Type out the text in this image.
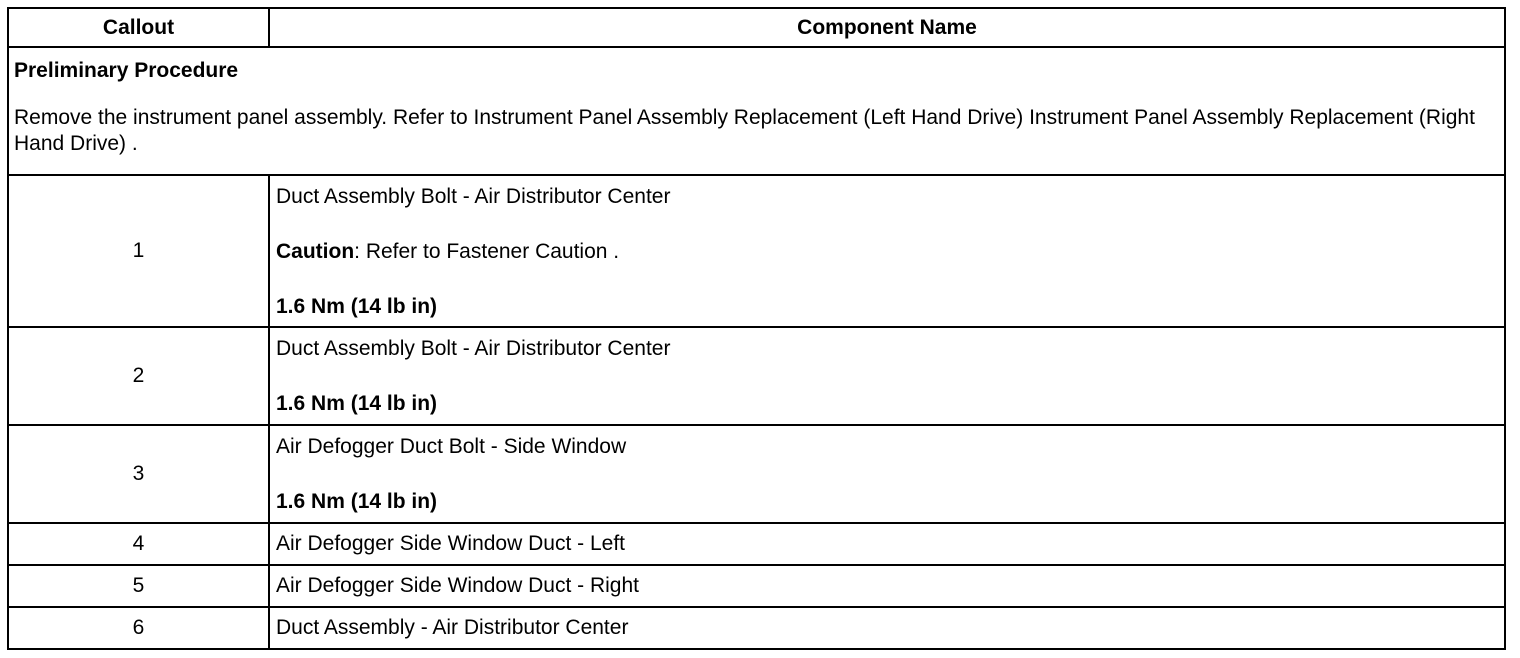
Callout	Component Name

Preliminary Procedure

Remove the instrument panel assembly. Refer to Instrument Panel Assembly Replacement (Left Hand Drive) Instrument Panel Assembly Replacement (Right Hand Drive) .	

1	Duct Assembly Bolt - Air Distributor Center

Caution: Refer to Fastener Caution .

1.6 Nm (14 lb in)

2	Duct Assembly Bolt - Air Distributor Center

1.6 Nm (14 lb in)

3	Air Defogger Duct Bolt - Side Window

1.6 Nm (14 lb in)

4	Air Defogger Side Window Duct - Left
5	Air Defogger Side Window Duct - Right
6	Duct Assembly - Air Distributor Center
